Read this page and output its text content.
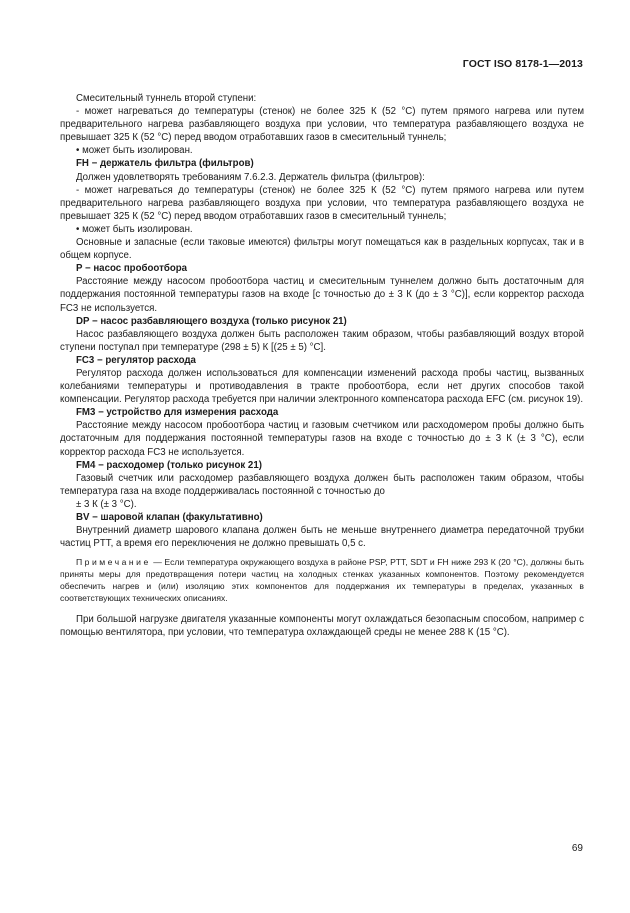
ГОСТ ISO 8178-1—2013

Смесительный туннель второй ступени:

- может нагреваться до температуры (стенок) не более 325 К (52 °С) путем прямого нагрева или путем предварительного нагрева разбавляющего воздуха при условии, что температура разбавляющего воздуха не превышает 325 К (52 °С) перед вводом отработавших газов в смесительный туннель;

• может быть изолирован.

FH − держатель фильтра (фильтров)

Должен удовлетворять требованиям 7.6.2.3. Держатель фильтра (фильтров):

- может нагреваться до температуры (стенок) не более 325 К (52 °С) путем прямого нагрева или путем предварительного нагрева разбавляющего воздуха при условии, что температура разбавляющего воздуха не превышает 325 К (52 °С) перед вводом отработавших газов в смесительный туннель;

• может быть изолирован.

Основные и запасные (если таковые имеются) фильтры могут помещаться как в раздельных корпусах, так и в общем корпусе.

P − насос пробоотбора

Расстояние между насосом пробоотбора частиц и смесительным туннелем должно быть достаточным для поддержания постоянной температуры газов на входе [с точностью до ± 3 К (до ± 3 °С)], если корректор расхода FC3 не используется.

DP − насос разбавляющего воздуха (только рисунок 21)

Насос разбавляющего воздуха должен быть расположен таким образом, чтобы разбавляющий воздух второй ступени поступал при температуре (298 ± 5) К [(25 ± 5) °С].

FC3 − регулятор расхода

Регулятор расхода должен использоваться для компенсации изменений расхода пробы частиц, вызванных колебаниями температуры и противодавления в тракте пробоотбора, если нет других способов такой компенсации. Регулятор расхода требуется при наличии электронного компенсатора расхода EFC (см. рисунок 19).

FM3 − устройство для измерения расхода

Расстояние между насосом пробоотбора частиц и газовым счетчиком или расходомером пробы должно быть достаточным для поддержания постоянной температуры газов на входе с точностью до ± 3 К (± 3 °С), если корректор расхода FC3 не используется.

FM4 − расходомер (только рисунок 21)

Газовый счетчик или расходомер разбавляющего воздуха должен быть расположен таким образом, чтобы температура газа на входе поддерживалась постоянной с точностью до

± 3 К (± 3 °С).

BV − шаровой клапан (факультативно)

Внутренний диаметр шарового клапана должен быть не меньше внутреннего диаметра передаточной трубки частиц PTT, а время его переключения не должно превышать 0,5 с.

Примечание — Если температура окружающего воздуха в районе PSP, PTT, SDT и FH ниже 293 К (20 °С), должны быть приняты меры для предотвращения потери частиц на холодных стенках указанных компонентов. Поэтому рекомендуется обеспечить нагрев и (или) изоляцию этих компонентов для поддержания их температуры в пределах, указанных в соответствующих технических описаниях.

При большой нагрузке двигателя указанные компоненты могут охлаждаться безопасным способом, например с помощью вентилятора, при условии, что температура охлаждающей среды не менее 288 К (15 °С).

69
